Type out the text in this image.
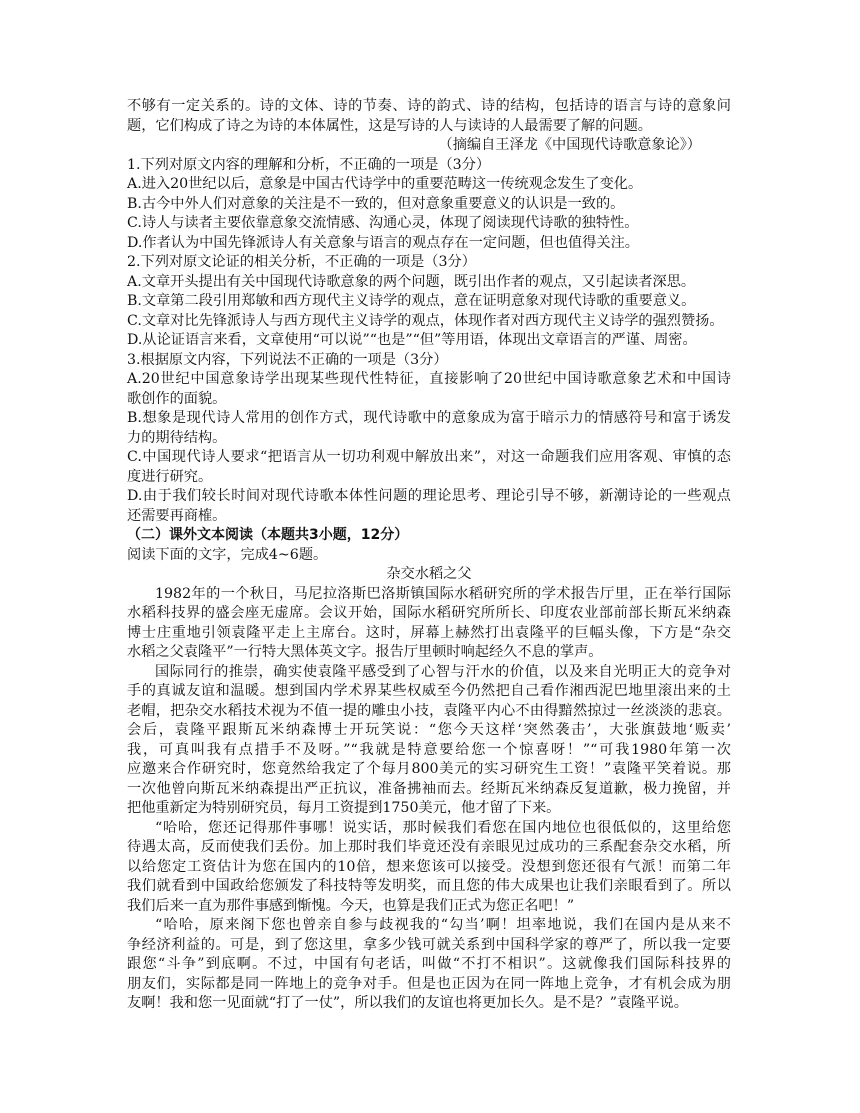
不够有一定关系的。诗的文体、诗的节奏、诗的韵式、诗的结构，包括诗的语言与诗的意象问
题，它们构成了诗之为诗的本体属性，这是写诗的人与读诗的人最需要了解的问题。
（摘编自王泽龙《中国现代诗歌意象论》）
1.下列对原文内容的理解和分析，不正确的一项是（3分）
A.进入20世纪以后，意象是中国古代诗学中的重要范畴这一传统观念发生了变化。
B.古今中外人们对意象的关注是不一致的，但对意象重要意义的认识是一致的。
C.诗人与读者主要依靠意象交流情感、沟通心灵，体现了阅读现代诗歌的独特性。
D.作者认为中国先锋派诗人有关意象与语言的观点存在一定问题，但也值得关注。
2.下列对原文论证的相关分析，不正确的一项是（3分）
A.文章开头提出有关中国现代诗歌意象的两个问题，既引出作者的观点，又引起读者深思。
B.文章第二段引用郑敏和西方现代主义诗学的观点，意在证明意象对现代诗歌的重要意义。
C.文章对比先锋派诗人与西方现代主义诗学的观点，体现作者对西方现代主义诗学的强烈赞扬。
D.从论证语言来看，文章使用“可以说”“也是”“但”等用语，体现出文章语言的严谨、周密。
3.根据原文内容，下列说法不正确的一项是（3分）
A.20世纪中国意象诗学出现某些现代性特征，直接影响了20世纪中国诗歌意象艺术和中国诗
歌创作的面貌。
B.想象是现代诗人常用的创作方式，现代诗歌中的意象成为富于暗示力的情感符号和富于诱发
力的期待结构。
C.中国现代诗人要求“把语言从一切功利观中解放出来”，对这一命题我们应用客观、审慎的态
度进行研究。
D.由于我们较长时间对现代诗歌本体性问题的理论思考、理论引导不够，新潮诗论的一些观点
还需要再商榷。
（二）课外文本阅读（本题共3小题，12分）
阅读下面的文字，完成4~6题。
杂交水稻之父
1982年的一个秋日，马尼拉洛斯巴洛斯镇国际水稻研究所的学术报告厅里，正在举行国际
水稻科技界的盛会座无虚席。会议开始，国际水稻研究所所长、印度农业部前部长斯瓦米纳森
博士庄重地引领袁隆平走上主席台。这时，屏幕上赫然打出袁隆平的巨幅头像，下方是“杂交
水稻之父袁隆平”一行特大黑体英文字。报告厅里顿时响起经久不息的掌声。
国际同行的推崇，确实使袁隆平感受到了心智与汗水的价值，以及来自光明正大的竞争对
手的真诚友谊和温暖。想到国内学术界某些权威至今仍然把自己看作湘西泥巴地里滚出来的土
老帽，把杂交水稻技术视为不值一提的雕虫小技，袁隆平内心不由得黯然掠过一丝淡淡的悲哀。
会后，袁隆平跟斯瓦米纳森博士开玩笑说：“您今天这样‘突然袭击’，大张旗鼓地‘贩卖’
我，可真叫我有点措手不及呀。”“我就是特意要给您一个惊喜呀！”“可我1980年第一次
应邀来合作研究时，您竟然给我定了个每月800美元的实习研究生工资！”袁隆平笑着说。那
一次他曾向斯瓦米纳森提出严正抗议，准备拂袖而去。经斯瓦米纳森反复道歉，极力挽留，并
把他重新定为特别研究员，每月工资提到1750美元，他才留了下来。
“哈哈，您还记得那件事哪！说实话，那时候我们看您在国内地位也很低似的，这里给您
待遇太高，反而使我们丢份。加上那时我们毕竟还没有亲眼见过成功的三系配套杂交水稻，所
以给您定工资估计为您在国内的10倍，想来您该可以接受。没想到您还很有气派！而第二年
我们就看到中国政给您颁发了科技特等发明奖，而且您的伟大成果也让我们亲眼看到了。所以
我们后来一直为那件事感到惭愧。今天，也算是我们正式为您正名吧！”
“哈哈，原来阁下您也曾亲自参与歧视我的“勾当’啊！坦率地说，我们在国内是从来不
争经济利益的。可是，到了您这里，拿多少钱可就关系到中国科学家的尊严了，所以我一定要
跟您“斗争”到底啊。不过，中国有句老话，叫做“不打不相识”。这就像我们国际科技界的
朋友们，实际都是同一阵地上的竞争对手。但是也正因为在同一阵地上竞争，才有机会成为朋
友啊！我和您一见面就“打了一仗”，所以我们的友谊也将更加长久。是不是？”袁隆平说。
